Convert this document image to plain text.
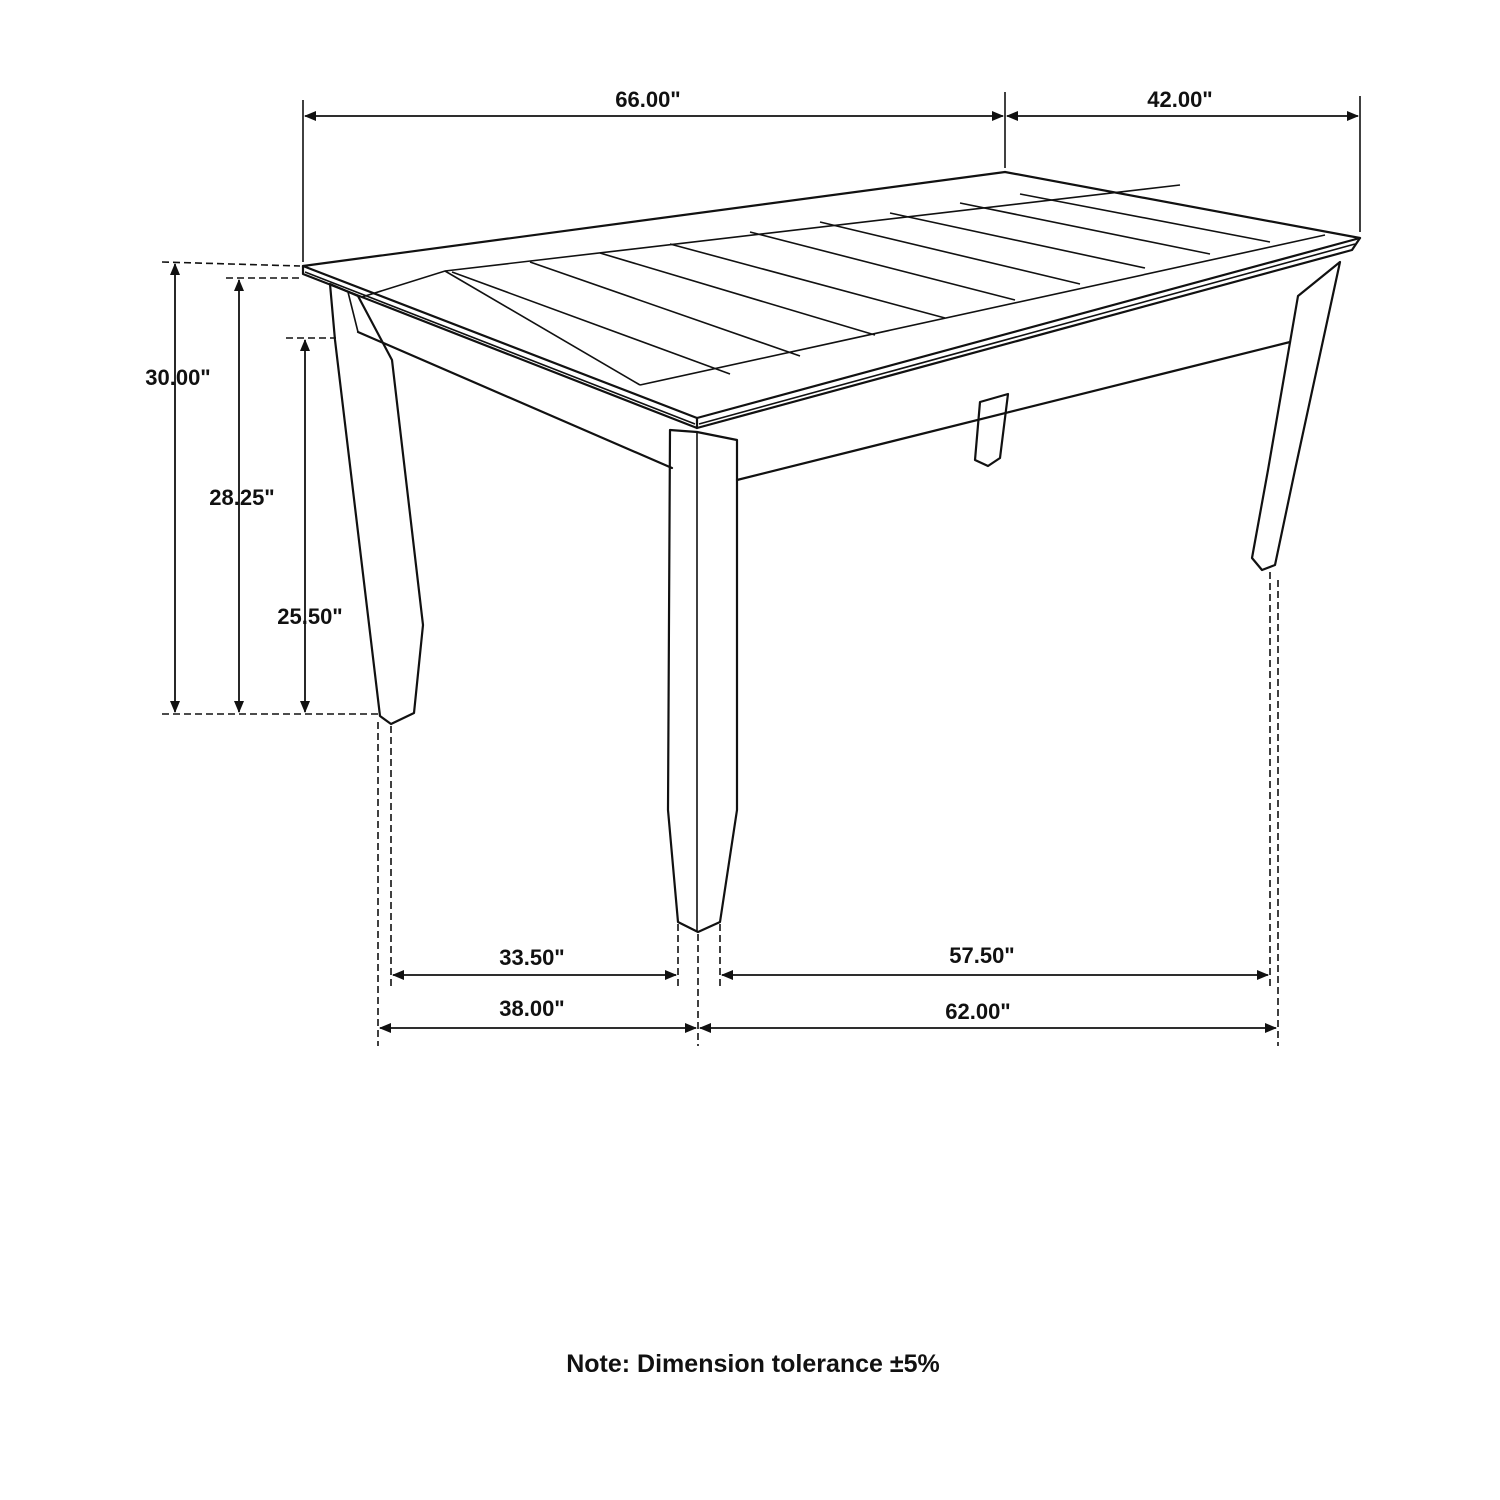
66.00"	42.00"
30.00"
28.25"
25.50"
33.50"	57.50"
38.00"	62.00"
Note: Dimension tolerance ±5%
